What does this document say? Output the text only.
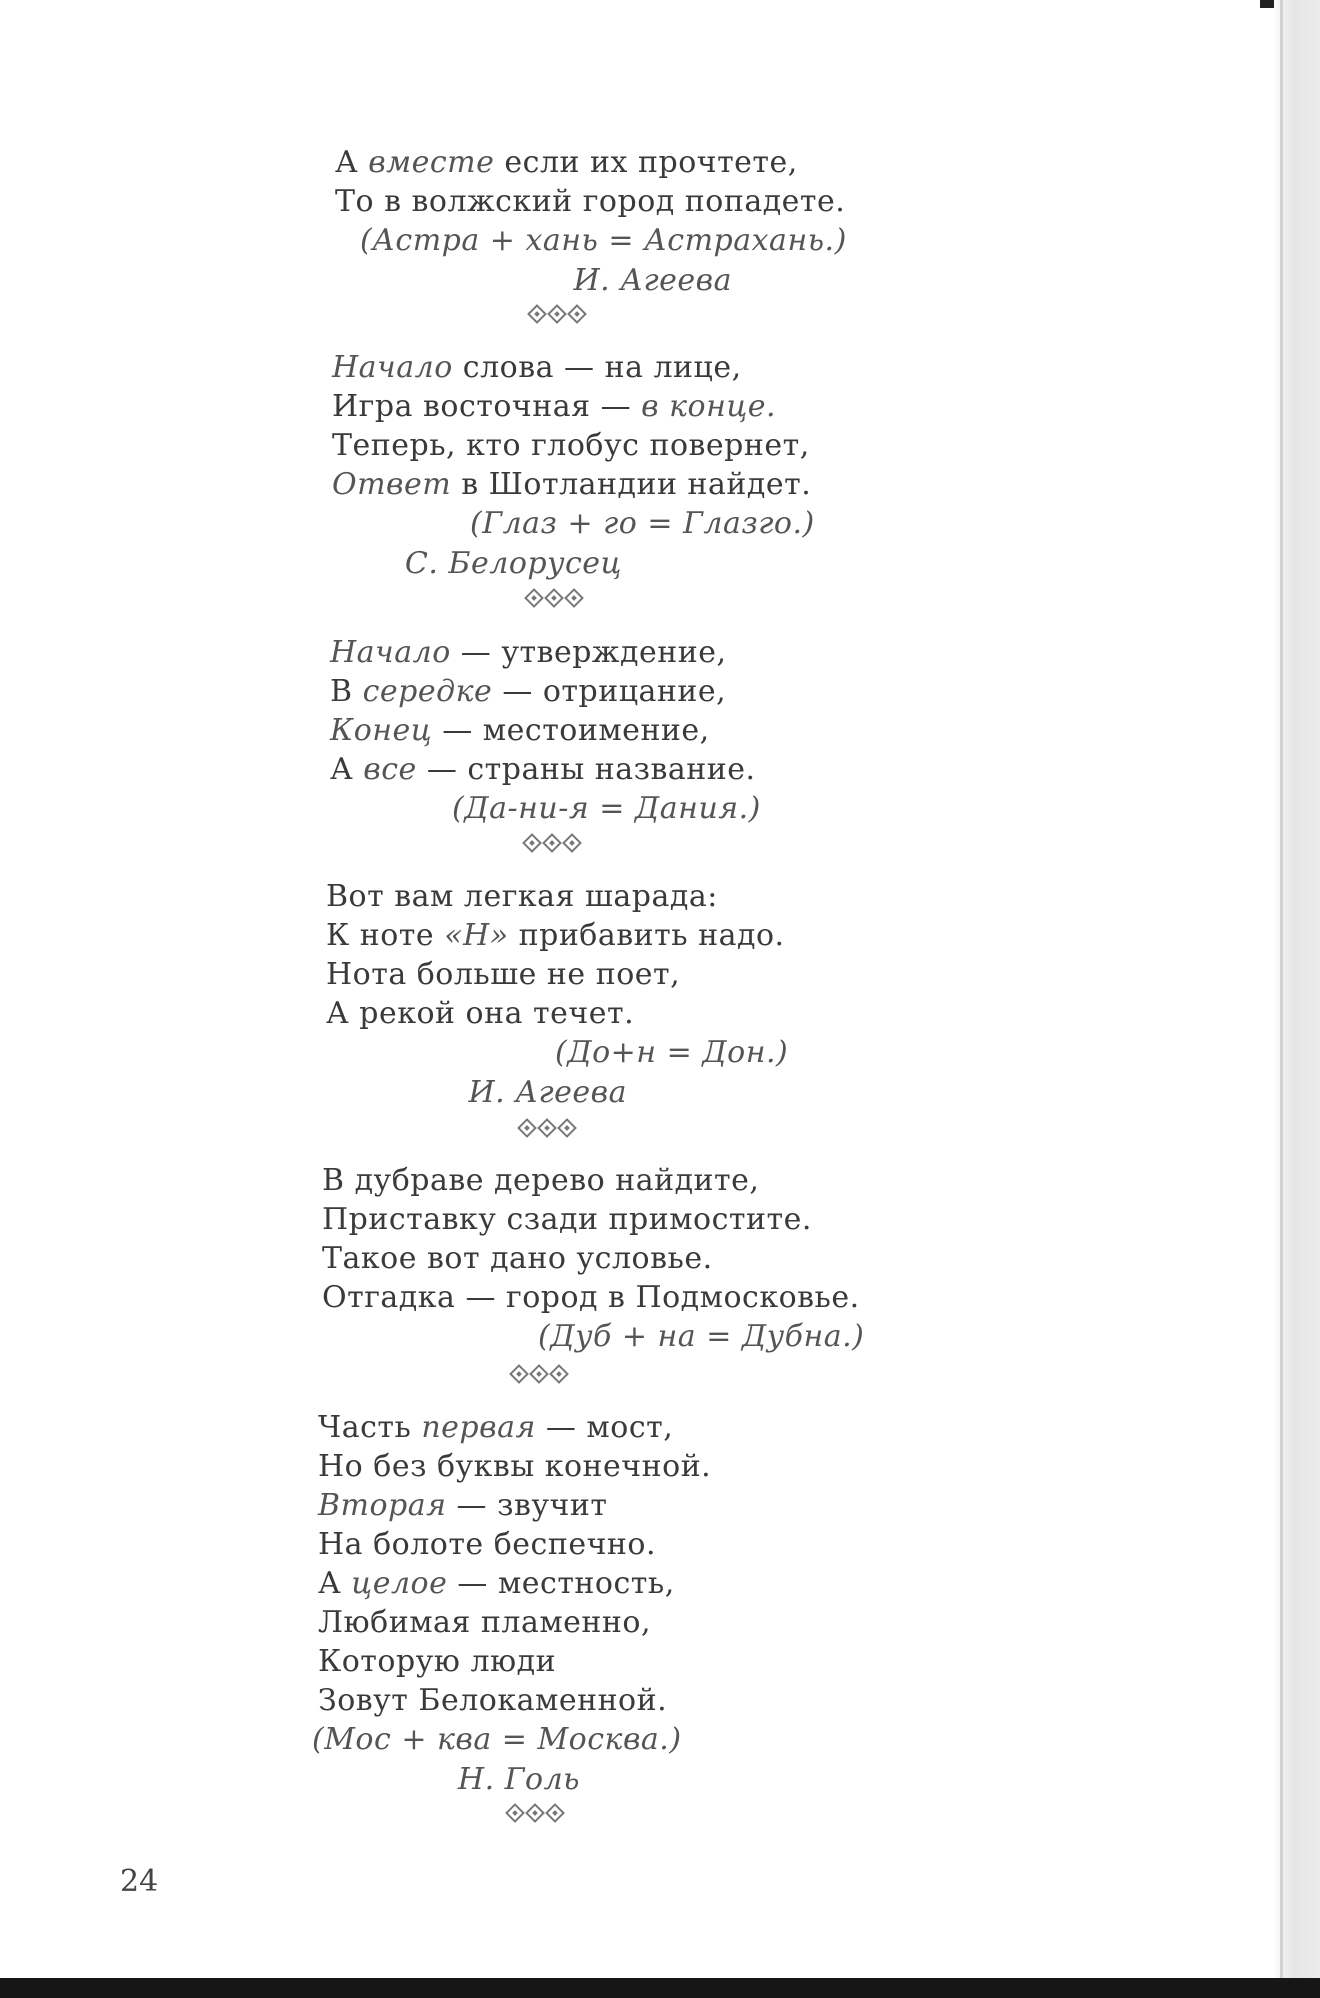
А вместе если их прочтете,
То в волжский город попадете.
(Астра + хань = Астрахань.)
И. Агеева
Начало слова — на лице,
Игра восточная — в конце.
Теперь, кто глобус повернет,
Ответ в Шотландии найдет.
(Глаз + го = Глазго.)
С. Белорусец
Начало — утверждение,
В середке — отрицание,
Конец — местоимение,
А все — страны название.
(Да-ни-я = Дания.)
Вот вам легкая шарада:
К ноте «Н» прибавить надо.
Нота больше не поет,
А рекой она течет.
(До+н = Дон.)
И. Агеева
В дубраве дерево найдите,
Приставку сзади примостите.
Такое вот дано условье.
Отгадка — город в Подмосковье.
(Дуб + на = Дубна.)
Часть первая — мост,
Но без буквы конечной.
Вторая — звучит
На болоте беспечно.
А целое — местность,
Любимая пламенно,
Которую люди
Зовут Белокаменной.
(Мос + ква = Москва.)
Н. Голь
24
